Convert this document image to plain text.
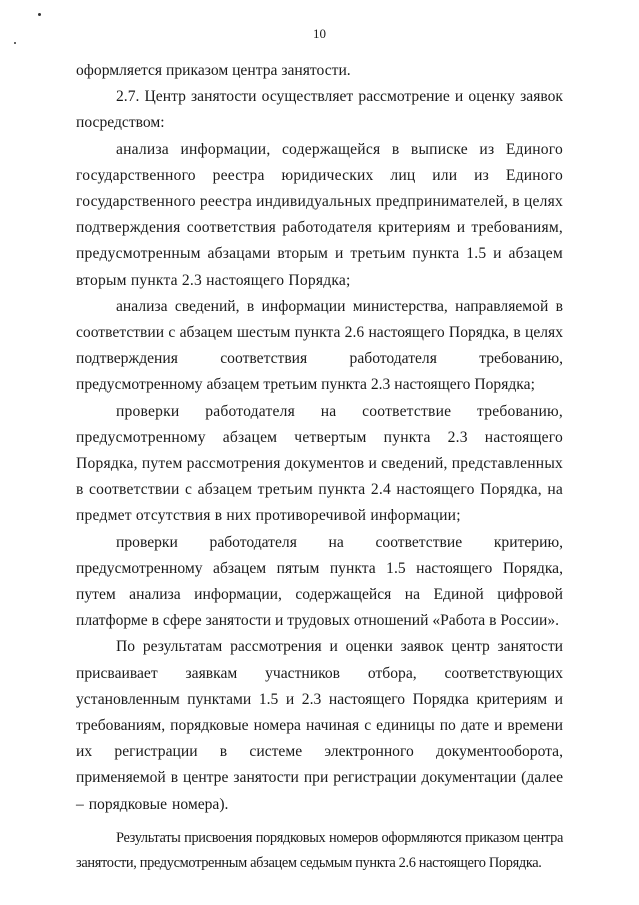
10

оформляется приказом центра занятости.

2.7. Центр занятости осуществляет рассмотрение и оценку заявок посредством:

анализа информации, содержащейся в выписке из Единого государственного реестра юридических лиц или из Единого государственного реестра индивидуальных предпринимателей, в целях подтверждения соответствия работодателя критериям и требованиям, предусмотренным абзацами вторым и третьим пункта 1.5 и абзацем вторым пункта 2.3 настоящего Порядка;

анализа сведений, в информации министерства, направляемой в соответствии с абзацем шестым пункта 2.6 настоящего Порядка, в целях подтверждения соответствия работодателя требованию, предусмотренному абзацем третьим пункта 2.3 настоящего Порядка;

проверки работодателя на соответствие требованию, предусмотренному абзацем четвертым пункта 2.3 настоящего Порядка, путем рассмотрения документов и сведений, представленных в соответствии с абзацем третьим пункта 2.4 настоящего Порядка, на предмет отсутствия в них противоречивой информации;

проверки работодателя на соответствие критерию, предусмотренному абзацем пятым пункта 1.5 настоящего Порядка, путем анализа информации, содержащейся на Единой цифровой платформе в сфере занятости и трудовых отношений «Работа в России».

По результатам рассмотрения и оценки заявок центр занятости присваивает заявкам участников отбора, соответствующих установленным пунктами 1.5 и 2.3 настоящего Порядка критериям и требованиям, порядковые номера начиная с единицы по дате и времени их регистрации в системе электронного документооборота, применяемой в центре занятости при регистрации документации (далее – порядковые номера).

Результаты присвоения порядковых номеров оформляются приказом центра занятости, предусмотренным абзацем седьмым пункта 2.6 настоящего Порядка.
